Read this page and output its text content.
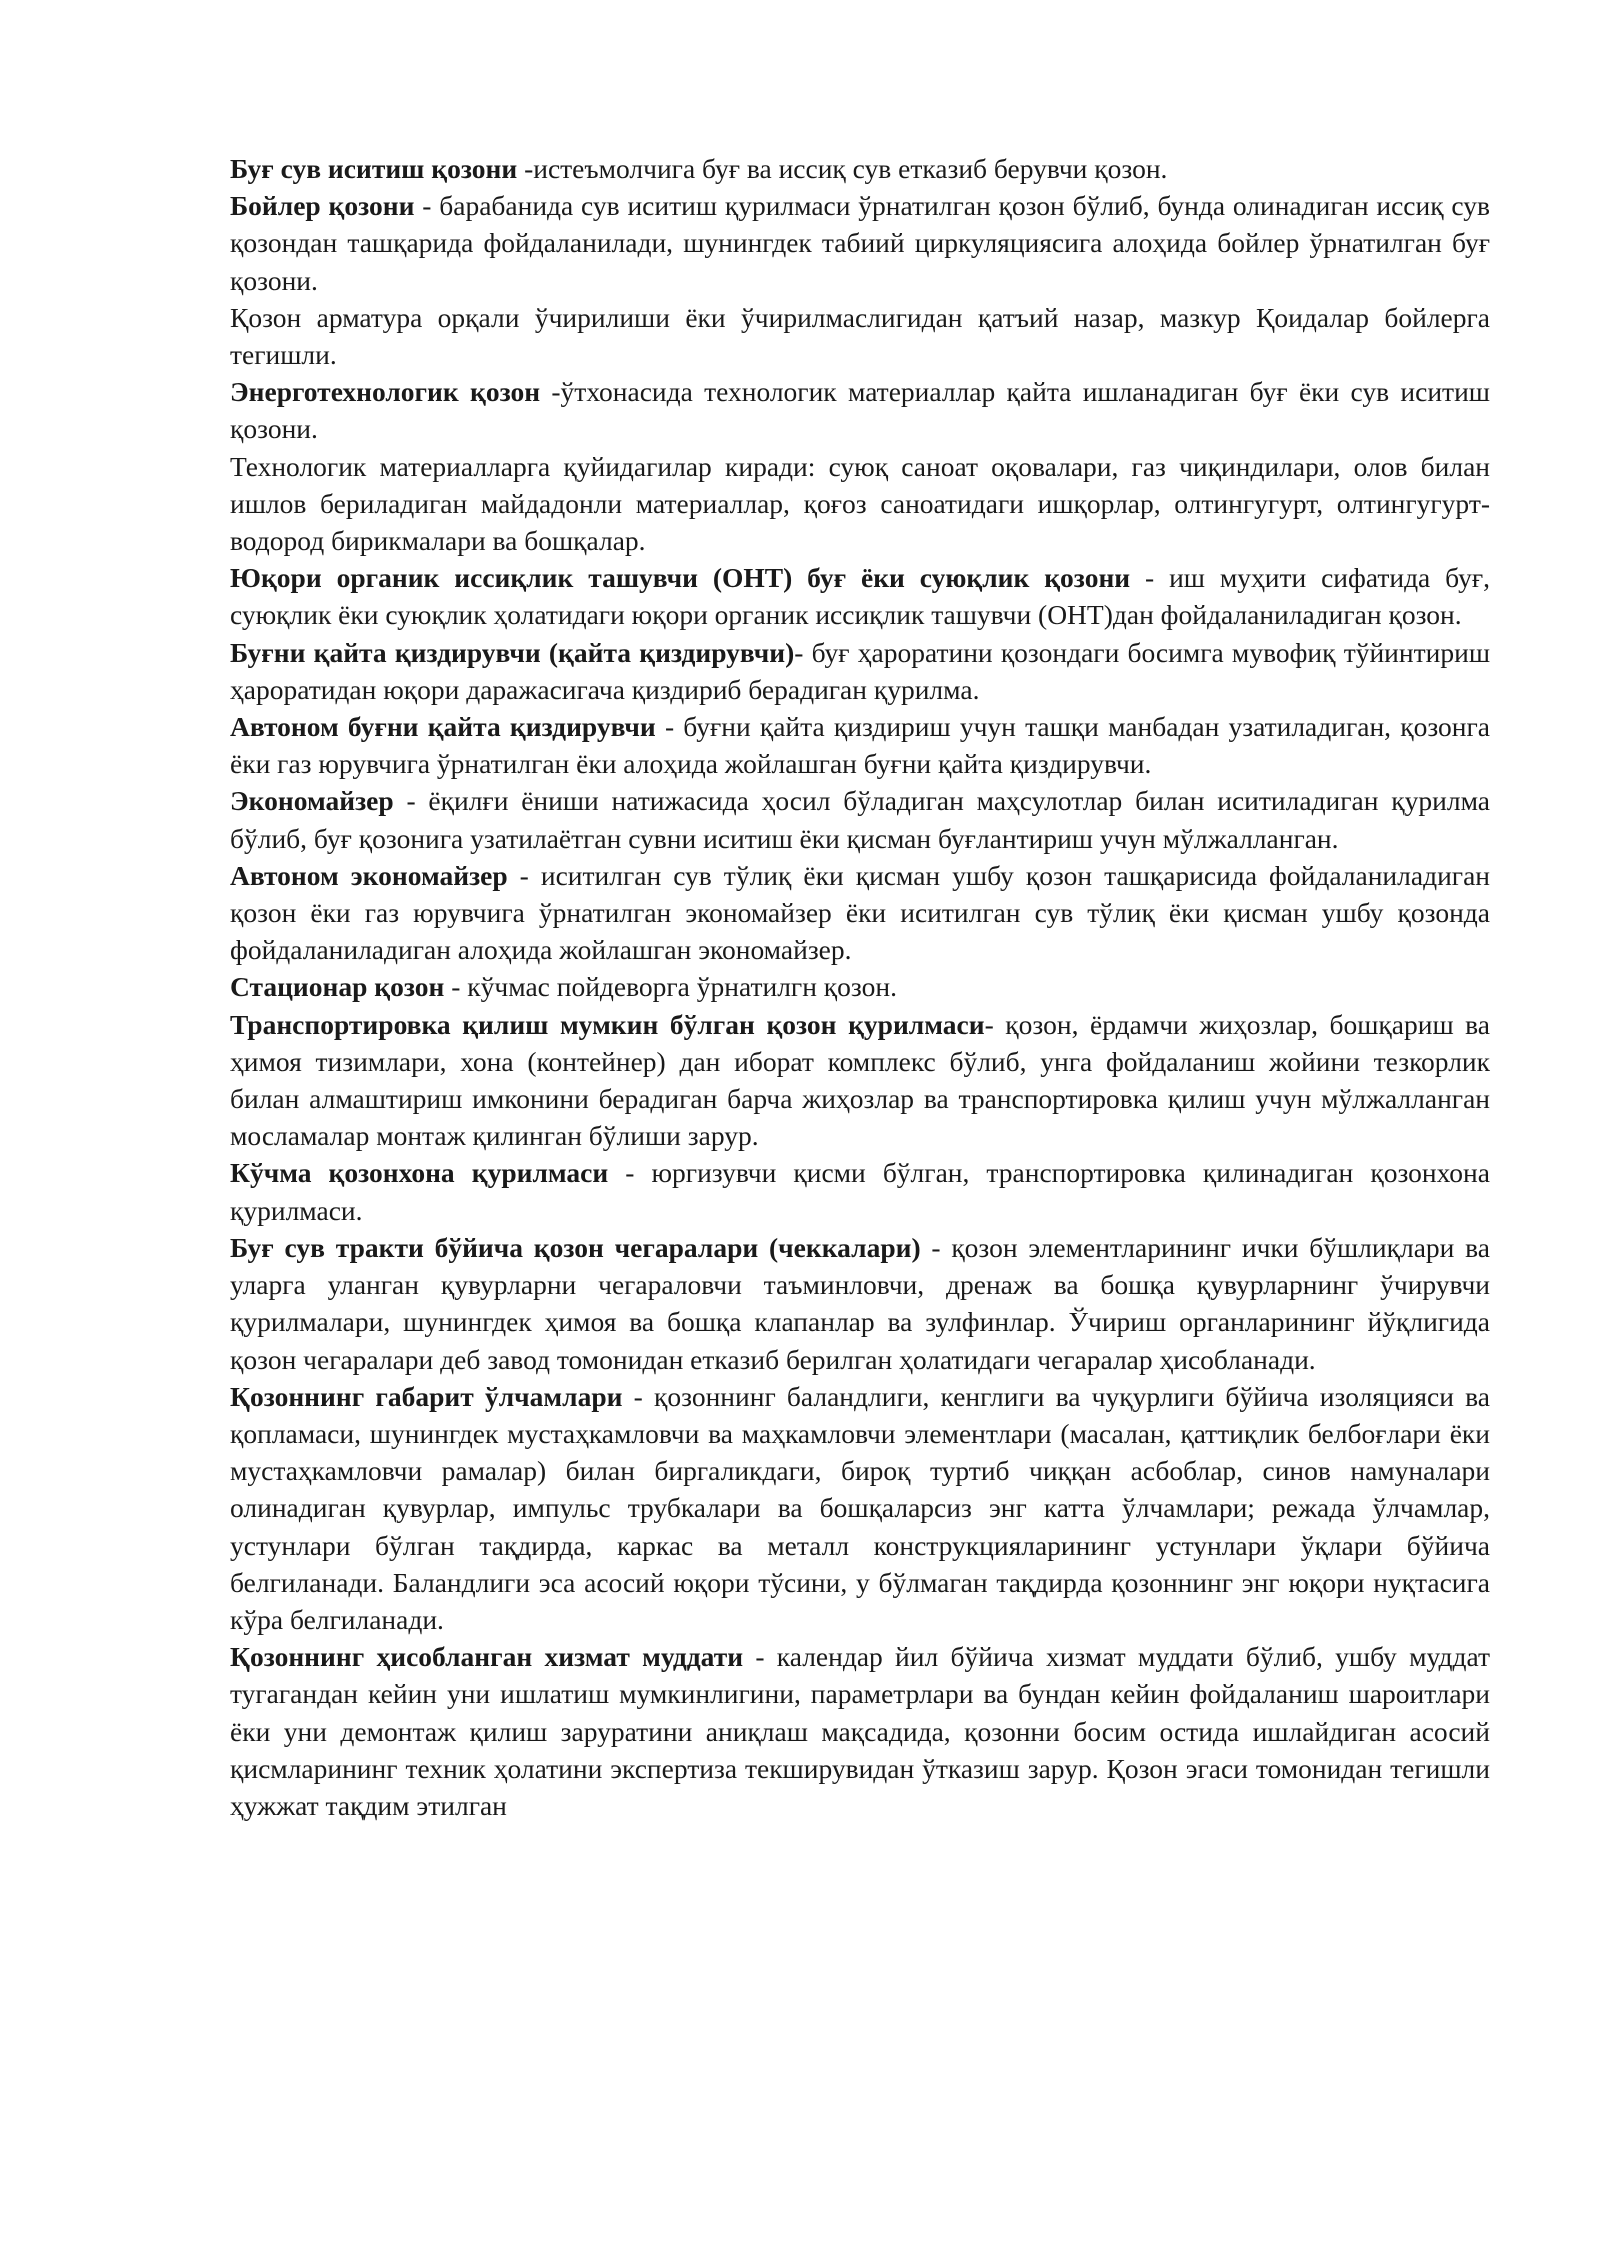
Буғ сув иситиш қозони -истеъмолчига буғ ва иссиқ сув етказиб берувчи қозон.

Бойлер қозони - барабанида сув иситиш қурилмаси ўрнатилган қозон бўлиб, бунда олинадиган иссиқ сув қозондан ташқарида фойдаланилади, шунингдек табиий циркуляциясига алоҳида бойлер ўрнатилган буғ қозони.

Қозон арматура орқали ўчирилиши ёки ўчирилмаслигидан қатъий назар, мазкур Қоидалар бойлерга тегишли.

Энерготехнологик қозон -ўтхонасида технологик материаллар қайта ишланадиган буғ ёки сув иситиш қозони.

Технологик материалларга қуйидагилар киради: суюқ саноат оқовалари, газ чиқиндилари, олов билан ишлов бериладиган майдадонли материаллар, қоғоз саноатидаги ишқорлар, олтингугурт, олтингугурт-водород бирикмалари ва бошқалар.

Юқори органик иссиқлик ташувчи (ОНТ) буғ ёки суюқлик қозони - иш муҳити сифатида буғ, суюқлик ёки суюқлик ҳолатидаги юқори органик иссиқлик ташувчи (ОНТ)дан фойдаланиладиган қозон.

Буғни қайта қиздирувчи (қайта қиздирувчи)- буғ ҳароратини қозондаги босимга мувофиқ тўйинтириш ҳароратидан юқори даражасигача қиздириб берадиган қурилма.

Автоном буғни қайта қиздирувчи - буғни қайта қиздириш учун ташқи манбадан узатиладиган, қозонга ёки газ юрувчига ўрнатилган ёки алоҳида жойлашган буғни қайта қиздирувчи.

Экономайзер - ёқилғи ёниши натижасида ҳосил бўладиган маҳсулотлар билан иситиладиган қурилма бўлиб, буғ қозонига узатилаётган сувни иситиш ёки қисман буғлантириш учун мўлжалланган.

Автоном экономайзер - иситилган сув тўлиқ ёки қисман ушбу қозон ташқарисида фойдаланиладиган қозон ёки газ юрувчига ўрнатилган экономайзер ёки иситилган сув тўлиқ ёки қисман ушбу қозонда фойдаланиладиган алоҳида жойлашган экономайзер.

Стационар қозон - кўчмас пойдеворга ўрнатилгн қозон.

Транспортировка қилиш мумкин бўлган қозон қурилмаси- қозон, ёрдамчи жиҳозлар, бошқариш ва ҳимоя тизимлари, хона (контейнер) дан иборат комплекс бўлиб, унга фойдаланиш жойини тезкорлик билан алмаштириш имконини берадиган барча жиҳозлар ва транспортировка қилиш учун мўлжалланган мосламалар монтаж қилинган бўлиши зарур.

Кўчма қозонхона қурилмаси - юргизувчи қисми бўлган, транспортировка қилинадиган қозонхона қурилмаси.

Буғ сув тракти бўйича қозон чегаралари (чеккалари) - қозон элементларининг ички бўшлиқлари ва уларга уланган қувурларни чегараловчи таъминловчи, дренаж ва бошқа қувурларнинг ўчирувчи қурилмалари, шунингдек ҳимоя ва бошқа клапанлар ва зулфинлар. Ўчириш органларининг йўқлигида қозон чегаралари деб завод томонидан етказиб берилган ҳолатидаги чегаралар ҳисобланади.

Қозоннинг габарит ўлчамлари - қозоннинг баландлиги, кенглиги ва чуқурлиги бўйича изоляцияси ва қопламаси, шунингдек мустаҳкамловчи ва маҳкамловчи элементлари (масалан, қаттиқлик белбоғлари ёки мустаҳкамловчи рамалар) билан биргаликдаги, бироқ туртиб чиққан асбоблар, синов намуналари олинадиган қувурлар, импульс трубкалари ва бошқаларсиз энг катта ўлчамлари; режада ўлчамлар, устунлари бўлган тақдирда, каркас ва металл конструкцияларининг устунлари ўқлари бўйича белгиланади. Баландлиги эса асосий юқори тўсини, у бўлмаган тақдирда қозоннинг энг юқори нуқтасига кўра белгиланади.

Қозоннинг ҳисобланган хизмат муддати - календар йил бўйича хизмат муддати бўлиб, ушбу муддат тугагандан кейин уни ишлатиш мумкинлигини, параметрлари ва бундан кейин фойдаланиш шароитлари ёки уни демонтаж қилиш заруратини аниқлаш мақсадида, қозонни босим остида ишлайдиган асосий қисмларининг техник ҳолатини экспертиза текширувидан ўтказиш зарур. Қозон эгаси томонидан тегишли ҳужжат тақдим этилган
